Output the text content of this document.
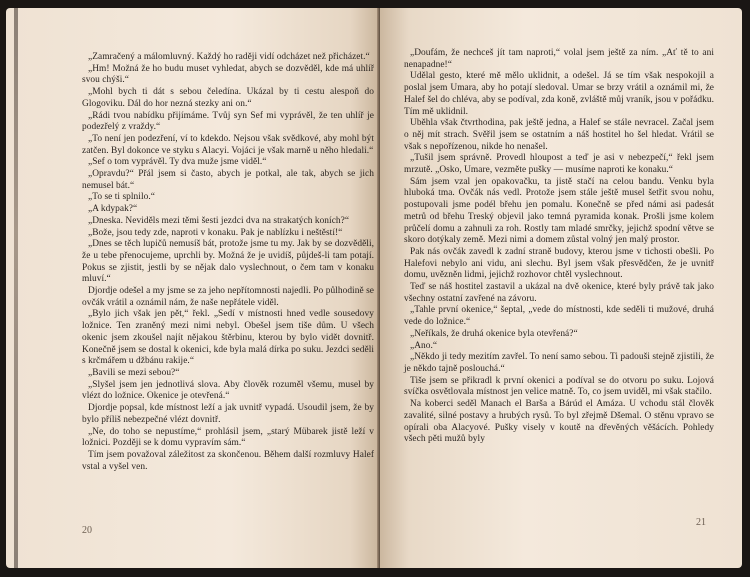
„Zamračený a málomluvný. Každý ho raději vidí odcházet než přicházet.“

„Hm! Možná že ho budu muset vyhledat, abych se dozvěděl, kde má uhlíř svou chýši.“

„Mohl bych ti dát s sebou čeledína. Ukázal by ti cestu alespoň do Glogoviku. Dál do hor nezná stezky ani on.“

„Rádi tvou nabídku přijímáme. Tvůj syn Sef mi vyprávěl, že ten uhlíř je podezřelý z vraždy.“

„To není jen podezření, ví to kdekdo. Nejsou však svědkové, aby mohl být zatčen. Byl dokonce ve styku s Alacyi. Vojáci je však marně u něho hledali.“

„Sef o tom vyprávěl. Ty dva muže jsme viděl.“

„Opravdu?“ Přál jsem si často, abych je potkal, ale tak, abych se jich nemusel bát.“

„To se ti splnilo.“

„A kdypak?“

„Dneska. Neviděls mezi těmi šesti jezdci dva na strakatých koních?“

„Bože, jsou tedy zde, naproti v konaku. Pak je nablízku i neštěstí!“

„Dnes se těch lupičů nemusíš bát, protože jsme tu my. Jak by se dozvěděli, že u tebe přenocujeme, uprchli by. Možná že je uvidíš, půjdeš-li tam potají. Pokus se zjistit, jestli by se nějak dalo vyslechnout, o čem tam v konaku mluví.“

Djordje odešel a my jsme se za jeho nepřítomnosti najedli. Po půlhodině se ovčák vrátil a oznámil nám, že naše nepřátele viděl.

„Bylo jich však jen pět,“ řekl. „Sedí v místnosti hned vedle sousedovy ložnice. Ten zraněný mezi nimi nebyl. Obešel jsem tiše dům. U všech okenic jsem zkoušel najít nějakou štěrbinu, kterou by bylo vidět dovnitř. Konečně jsem se dostal k okenici, kde byla malá dírka po suku. Jezdci seděli s krčmářem u džbánu rakije.“

„Bavili se mezi sebou?“

„Slyšel jsem jen jednotlivá slova. Aby člověk rozuměl všemu, musel by vlézt do ložnice. Okenice je otevřená.“

Djordje popsal, kde místnost leží a jak uvnitř vypadá. Usoudil jsem, že by bylo příliš nebezpečné vlézt dovnitř.

„Ne, do toho se nepustíme,“ prohlásil jsem, „starý Mübarek jistě leží v ložnici. Později se k domu vypravím sám.“

Tím jsem považoval záležitost za skončenou. Během další rozmluvy Halef vstal a vyšel ven.

20

„Doufám, že nechceš jít tam naproti,“ volal jsem ještě za ním. „Ať tě to ani nenapadne!“

Udělal gesto, které mě mělo uklidnit, a odešel. Já se tím však nespokojil a poslal jsem Umara, aby ho potají sledoval. Umar se brzy vrátil a oznámil mi, že Halef šel do chléva, aby se podíval, zda koně, zvláště můj vraník, jsou v pořádku. Tím mě uklidnil.

Uběhla však čtvrthodina, pak ještě jedna, a Halef se stále nevracel. Začal jsem o něj mít strach. Svěřil jsem se ostatním a náš hostitel ho šel hledat. Vrátil se však s nepořízenou, nikde ho nenašel.

„Tušil jsem správně. Provedl hloupost a teď je asi v nebezpečí,“ řekl jsem mrzutě. „Osko, Umare, vezměte pušky — musíme naproti ke konaku.“

Sám jsem vzal jen opakovačku, ta jistě stačí na celou bandu. Venku byla hluboká tma. Ovčák nás vedl. Protože jsem stále ještě musel šetřit svou nohu, postupovali jsme podél břehu jen pomalu. Konečně se před námi asi padesát metrů od břehu Treský objevil jako temná pyramida konak. Prošli jsme kolem průčelí domu a zahnuli za roh. Rostly tam mladé smrčky, jejichž spodní větve se skoro dotýkaly země. Mezi nimi a domem zůstal volný jen malý prostor.

Pak nás ovčák zavedl k zadní straně budovy, kterou jsme v tichosti obešli. Po Halefovi nebylo ani vidu, ani slechu. Byl jsem však přesvědčen, že je uvnitř domu, uvězněn lidmi, jejichž rozhovor chtěl vyslechnout.

Teď se náš hostitel zastavil a ukázal na dvě okenice, které byly právě tak jako všechny ostatní zavřené na závoru.

„Tahle první okenice,“ šeptal, „vede do místnosti, kde seděli ti mužové, druhá vede do ložnice.“

„Neříkals, že druhá okenice byla otevřená?“

„Ano.“

„Někdo ji tedy mezitím zavřel. To není samo sebou. Ti padouši stejně zjistili, že je někdo tajně poslouchá.“

Tiše jsem se přikradl k první okenici a podíval se do otvoru po suku. Lojová svíčka osvětlovala místnost jen velice matně. To, co jsem uviděl, mi však stačilo.

Na koberci seděl Manach el Barša a Bárúd el Amáza. U vchodu stál člověk zavalité, silné postavy a hrubých rysů. To byl zřejmě Dšemal. O stěnu vpravo se opírali oba Alacyové. Pušky visely v koutě na dřevěných věšácích. Pohledy všech pěti mužů byly

21
